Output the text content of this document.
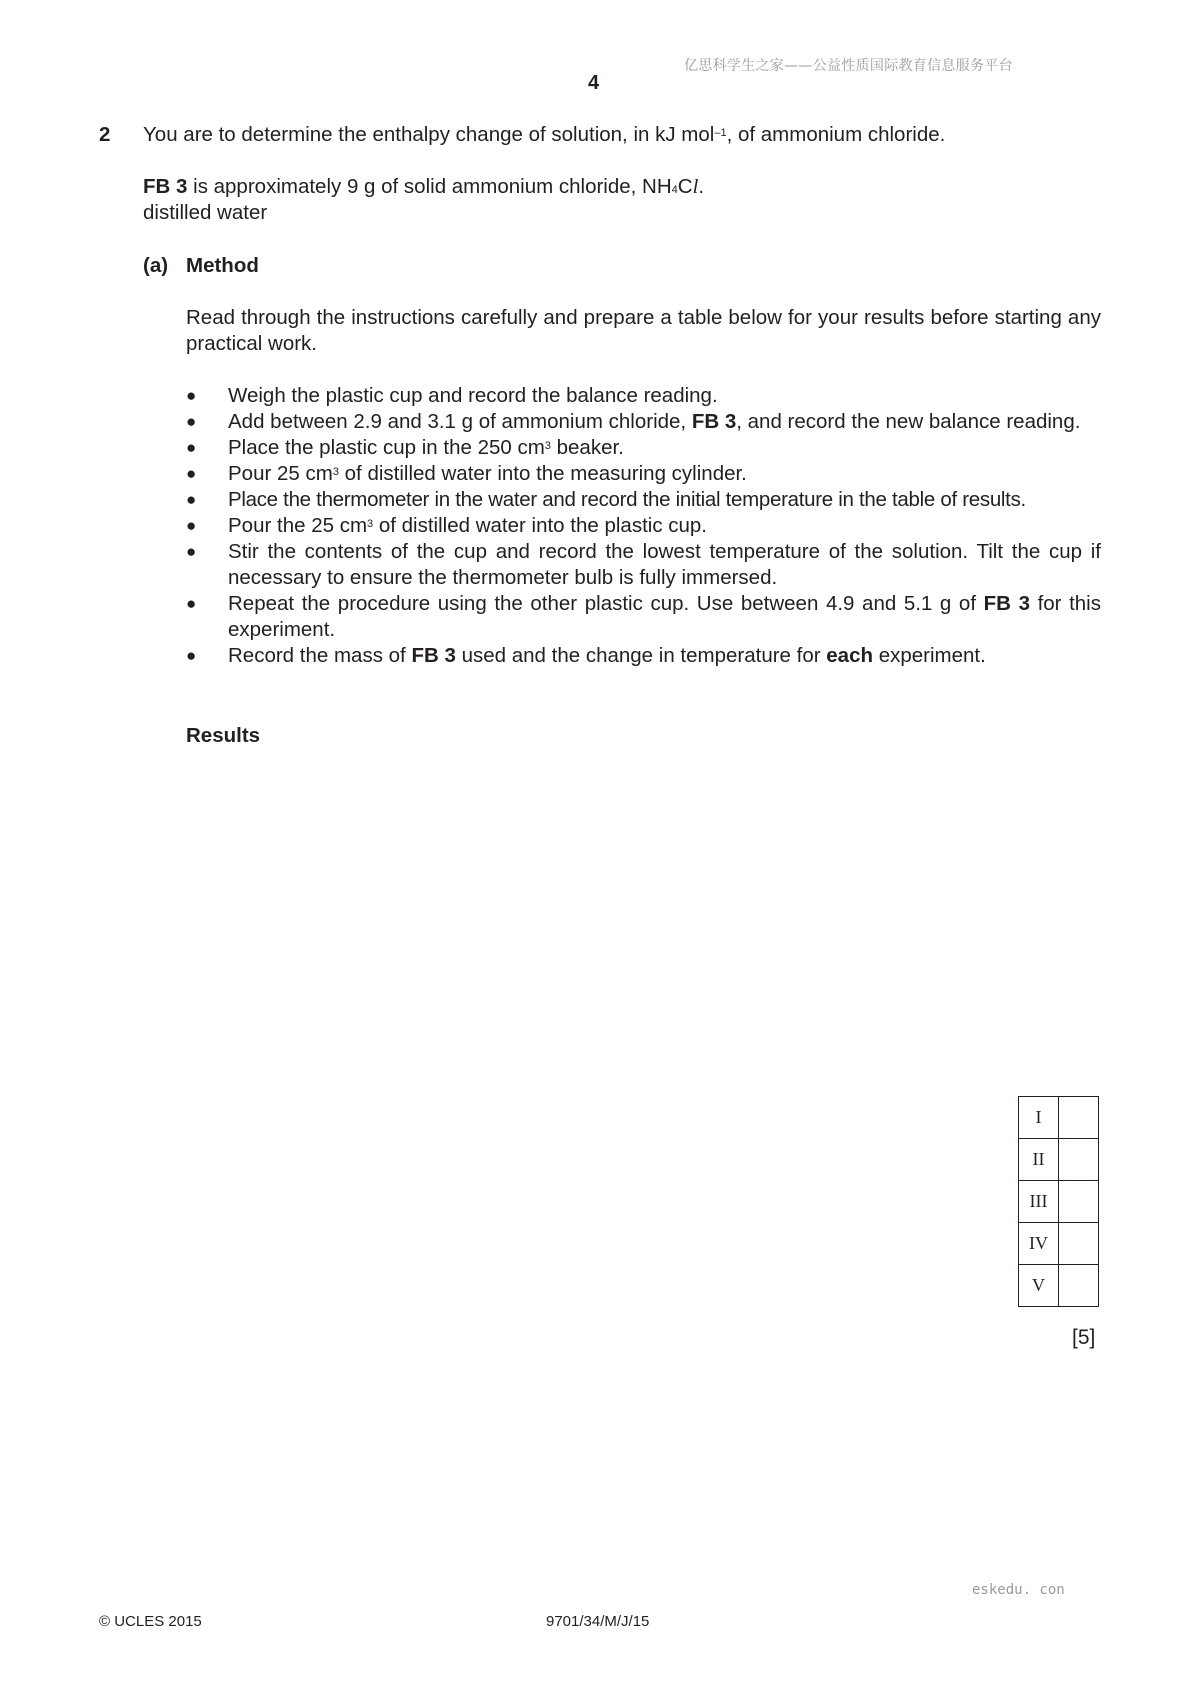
亿思科学生之家——公益性质国际教育信息服务平台
4
2 You are to determine the enthalpy change of solution, in kJ mol$^{-1}$, of ammonium chloride.
FB 3 is approximately 9 g of solid ammonium chloride, $NH_4Cl$.
distilled water
(a) Method
Read through the instructions carefully and prepare a table below for your results before starting any practical work.
● Weigh the plastic cup and record the balance reading.
● Add between 2.9 and 3.1 g of ammonium chloride, FB 3, and record the new balance reading.
● Place the plastic cup in the 250 $cm^3$ beaker.
● Pour 25 $cm^3$ of distilled water into the measuring cylinder.
● Place the thermometer in the water and record the initial temperature in the table of results.
● Pour the 25 $cm^3$ of distilled water into the plastic cup.
● Stir the contents of the cup and record the lowest temperature of the solution. Tilt the cup if necessary to ensure the thermometer bulb is fully immersed.
● Repeat the procedure using the other plastic cup. Use between 4.9 and 5.1 g of FB 3 for this experiment.
● Record the mass of FB 3 used and the change in temperature for each experiment.
Results
I	
II	
III	
IV	
V	
[5]
eskedu. con
© UCLES 2015	9701/34/M/J/15
